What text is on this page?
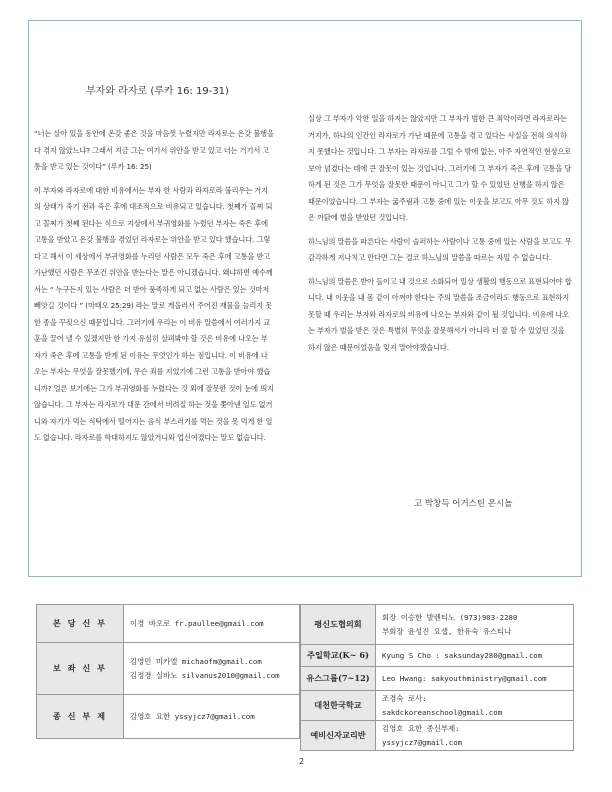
부자와 라자로 (루카 16: 19-31)

“너는 살아 있을 동안에 온갖 좋은 것을 마음껏 누렸지만 라자로는 온갖 불행을 다 겪지 않았느냐? 그래서 지금 그는 여기서 위안을 받고 있고 너는 거기서 고통을 받고 있는 것이다” (루카 16: 25)

이 부자와 라자로에 대한 비유에서는 부자 한 사람과 라자로라 불리우는 거지의 상태가 죽기 전과 죽은 후에 대조적으로 비유되고 있습니다. 첫째가 꼴찌 되고 꼴찌가 첫째 된다는 식으로 지상에서 부귀영화를 누렸던 부자는 죽은 후에 고통을 받았고 온갖 불행을 겪었던 라자로는 위안을 받고 있다 했습니다. 그렇다고 해서 이 세상에서 부귀영화를 누리던 사람은 모두 죽은 후에 고통을 받고 가난했던 사람은 무조건 위안을 받는다는 말은 아니겠습니다. 왜냐하면 예수께서는 “ 누구든지 있는 사람은 더 받아 풍족하게 되고 없는 사람은 있는 것마저 빼앗길 것이다 ” (마태오 25:29) 라는 말로 게을러서 주어진 재물을 늘리지 못한 종을 꾸짖으신 때문입니다. 그러기에 우리는 이 비유 말씀에서 여러가지 교훈을 끌어 낼 수 있겠지만 한 가지 유심히 살펴봐야 할 것은 비유에 나오는 부자가 죽은 후에 고통을 받게 된 이유는 무엇인가 하는 점입니다. 이 비유에 나오는 부자는 무엇을 잘못했기에, 무슨 죄를 지었기에 그런 고통을 받아야 했습니까? 얼른 보기에는 그가 부귀영화를 누렸다는 것 외에 잘못한 것이 눈에 띄지 않습니다. 그 부자는 라자로가 대문 간에서 버려질 하는 것을 쫓아낸 일도 없거니와 자기가 먹는 식탁에서 떨어지는 음식 부스러기를 먹는 것을 못 먹게 한 일도 없습니다. 라자로를 학대하지도 않았거니와 업신여겼다는 말도 없습니다.

실상 그 부자가 악한 일을 하지는 않았지만 그 부자가 범한 큰 죄악이라면 라자로라는 거지가, 하나의 인간인 라자로가 가난 때문에 고통을 겪고 있다는 사실을 전혀 의식하지 못했다는 것입니다. 그 부자는 라자로를 그럴 수 밖에 없는, 아주 자연적인 현상으로 보아 넘겼다는 데에 큰 잘못이 있는 것입니다. 그러기에 그 부자가 죽은 후에 고통을 당하게 된 것은 그가 무엇을 잘못한 때문이 아니고 그가 할 수 있었던 선행을 하지 않은 때문이었습니다. 그 부자는 굶주림과 고통 중에 있는 이웃을 보고도 아무 것도 하지 않은 까닭에 벌을 받았던 것입니다.

하느님의 말씀을 따른다는 사람이 슬퍼하는 사람이나 고통 중에 있는 사람을 보고도 무감각하게 지나치고 만다면 그는 결코 하느님의 말씀을 따르는 자일 수 없습니다.

하느님의 말씀은 받아 들이고 내 것으로 소화되어 일상 생활의 행동으로 표현되어야 합니다. 내 이웃을 내 몸 같이 아껴야 한다는 주의 말씀을 조금이라도 행동으로 표현하지 못할 때 우리는 부자와 라자로의 비유에 나오는 부자와 같이 될 것입니다. 비유에 나오는 부자가 벌을 받은 것은 특별히 무엇을 잘못해서가 아니라 더 잘 할 수 있었던 것을 하지 않은 때문이었음을 잊지 말아야겠습니다.

고 박창득 어거스틴 몬시뇰
본 당 신 부	이경 바오로 fr.paullee@gmail.com
보 좌 신 부	김영민 미카엘 michaofm@gmail.com
김정경 실바노 silvanus2010@gmail.com

종 신 부 제	김영호 요한 yssyjcz7@gmail.com
평신도협의회	회장 이승한 발렌티노 (973)903-2280
부회장 윤성진 요셉, 한유숙 유스티나

주일학교(K~ 6)	Kyung S Cho : saksunday280@gmail.com
유스그룹(7~12)	Leo Hwang: sakyouthministry@gmail.com
대천한국학교	조경숙 로사:
sakdckoreanschool@gmail.com

예비신자교리반	김영호 요한 종신부제:
yssyjcz7@gmail.com
2
